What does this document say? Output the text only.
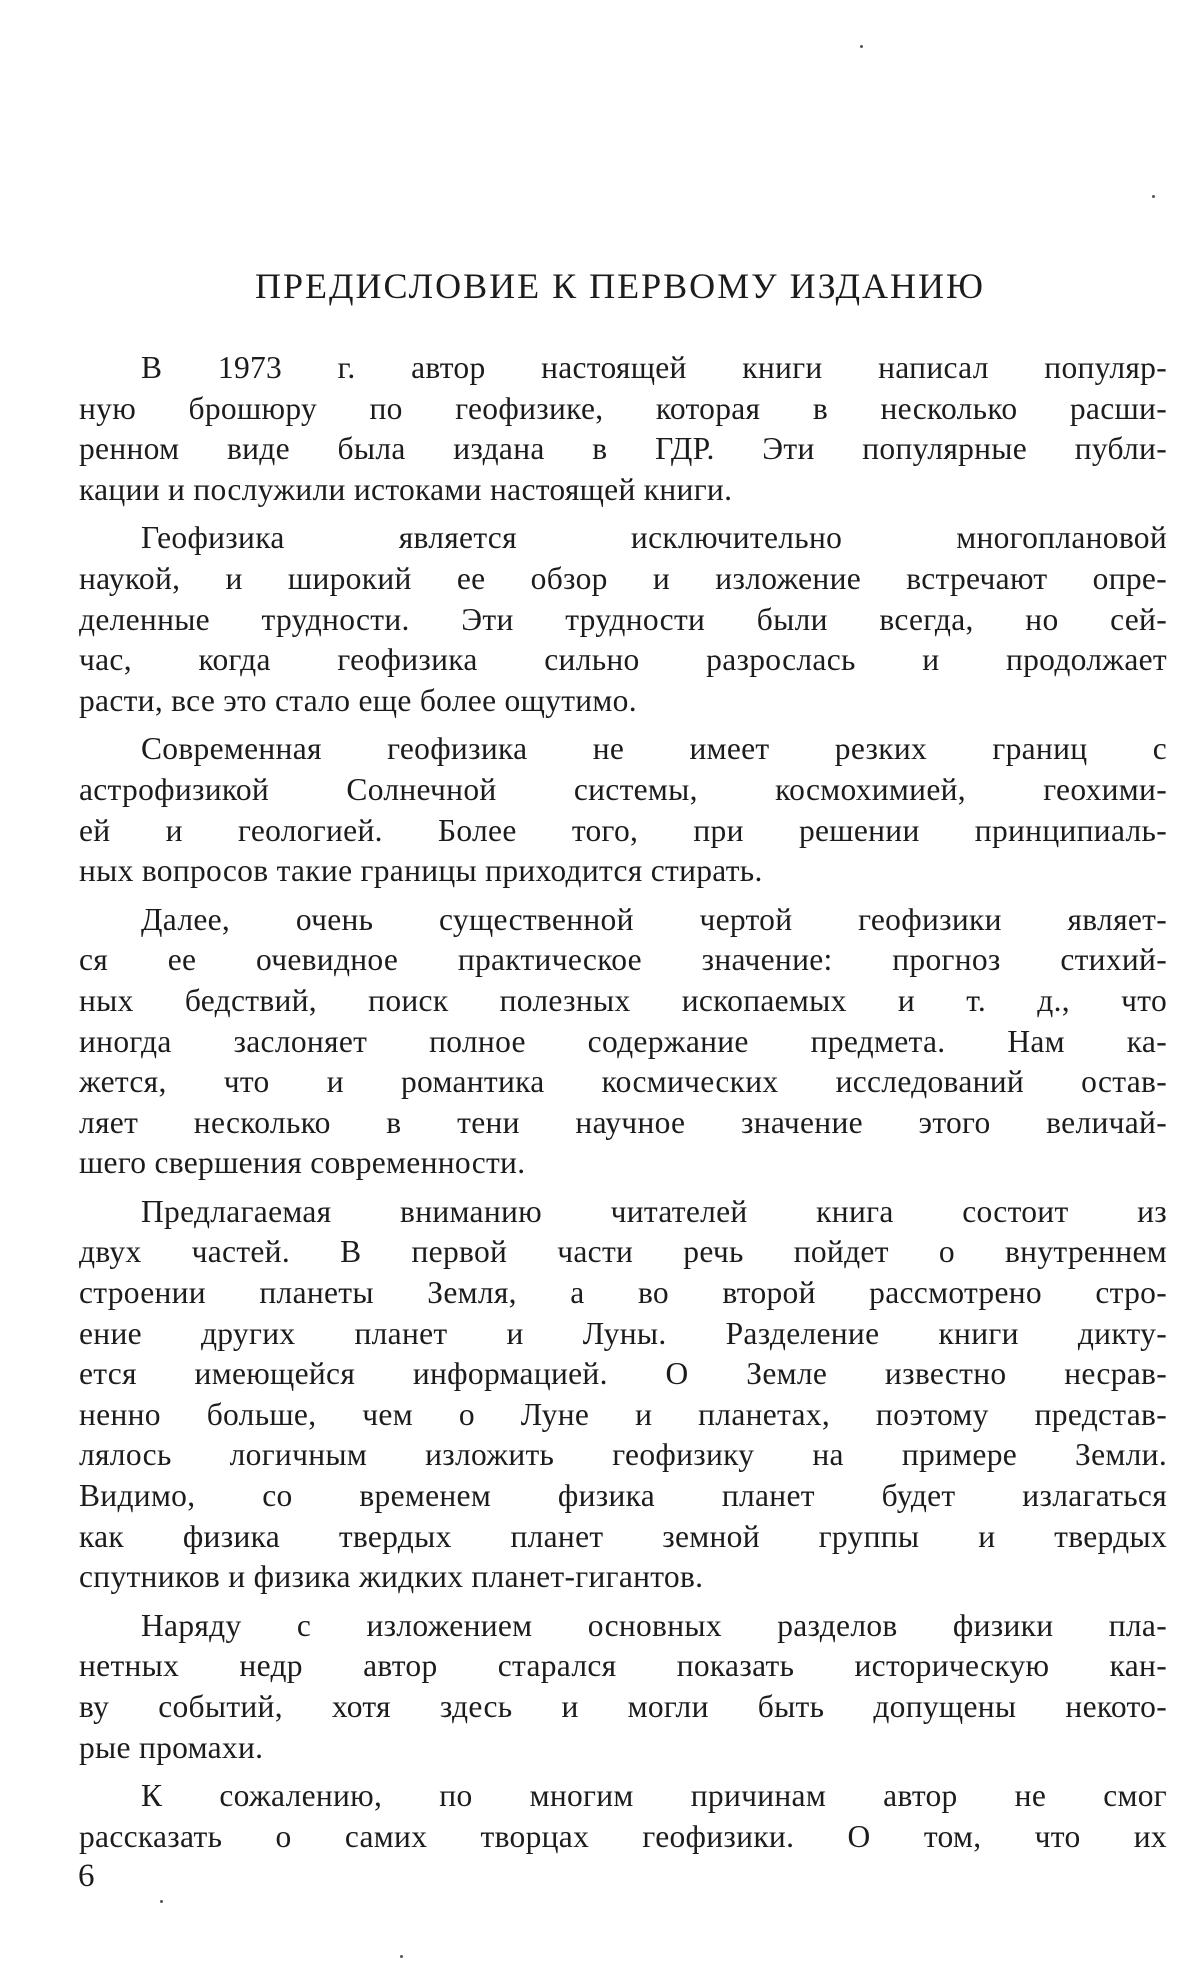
ПРЕДИСЛОВИЕ К ПЕРВОМУ ИЗДАНИЮ
В 1973 г. автор настоящей книги написал популяр-
ную брошюру по геофизике, которая в несколько расши-
ренном виде была издана в ГДР. Эти популярные публи-
кации и послужили истоками настоящей книги.
Геофизика является исключительно многоплановой
наукой, и широкий ее обзор и изложение встречают опре-
деленные трудности. Эти трудности были всегда, но сей-
час, когда геофизика сильно разрослась и продолжает
расти, все это стало еще более ощутимо.
Современная геофизика не имеет резких границ с
астрофизикой Солнечной системы, космохимией, геохими-
ей и геологией. Более того, при решении принципиаль-
ных вопросов такие границы приходится стирать.
Далее, очень существенной чертой геофизики являет-
ся ее очевидное практическое значение: прогноз стихий-
ных бедствий, поиск полезных ископаемых и т. д., что
иногда заслоняет полное содержание предмета. Нам ка-
жется, что и романтика космических исследований остав-
ляет несколько в тени научное значение этого величай-
шего свершения современности.
Предлагаемая вниманию читателей книга состоит из
двух частей. В первой части речь пойдет о внутреннем
строении планеты Земля, а во второй рассмотрено стро-
ение других планет и Луны. Разделение книги дикту-
ется имеющейся информацией. О Земле известно несрав-
ненно больше, чем о Луне и планетах, поэтому представ-
лялось логичным изложить геофизику на примере Земли.
Видимо, со временем физика планет будет излагаться
как физика твердых планет земной группы и твердых
спутников и физика жидких планет-гигантов.
Наряду с изложением основных разделов физики пла-
нетных недр автор старался показать историческую кан-
ву событий, хотя здесь и могли быть допущены некото-
рые промахи.
К сожалению, по многим причинам автор не смог
рассказать о самих творцах геофизики. О том, что их
6
